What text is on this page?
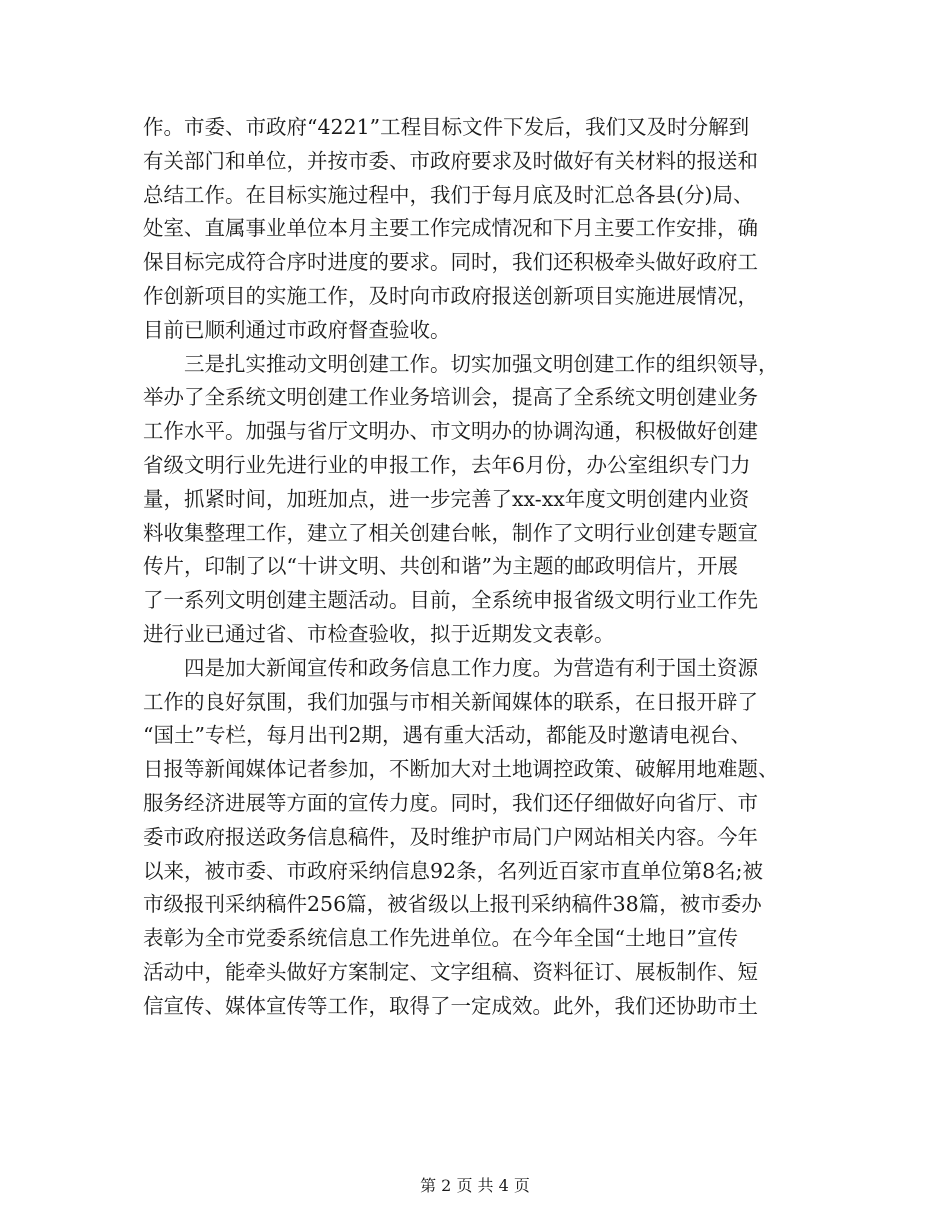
作。市委、市政府“4221”工程目标文件下发后，我们又及时分解到
有关部门和单位，并按市委、市政府要求及时做好有关材料的报送和
总结工作。在目标实施过程中，我们于每月底及时汇总各县(分)局、
处室、直属事业单位本月主要工作完成情况和下月主要工作安排，确
保目标完成符合序时进度的要求。同时，我们还积极牵头做好政府工
作创新项目的实施工作，及时向市政府报送创新项目实施进展情况，
目前已顺利通过市政府督查验收。
　　三是扎实推动文明创建工作。切实加强文明创建工作的组织领导，
举办了全系统文明创建工作业务培训会，提高了全系统文明创建业务
工作水平。加强与省厅文明办、市文明办的协调沟通，积极做好创建
省级文明行业先进行业的申报工作，去年6月份，办公室组织专门力
量，抓紧时间，加班加点，进一步完善了xx-xx年度文明创建内业资
料收集整理工作，建立了相关创建台帐，制作了文明行业创建专题宣
传片，印制了以“十讲文明、共创和谐”为主题的邮政明信片，开展
了一系列文明创建主题活动。目前，全系统申报省级文明行业工作先
进行业已通过省、市检查验收，拟于近期发文表彰。
　　四是加大新闻宣传和政务信息工作力度。为营造有利于国土资源
工作的良好氛围，我们加强与市相关新闻媒体的联系，在日报开辟了
“国土”专栏，每月出刊2期，遇有重大活动，都能及时邀请电视台、
日报等新闻媒体记者参加，不断加大对土地调控政策、破解用地难题、
服务经济进展等方面的宣传力度。同时，我们还仔细做好向省厅、市
委市政府报送政务信息稿件，及时维护市局门户网站相关内容。今年
以来，被市委、市政府采纳信息92条，名列近百家市直单位第8名;被
市级报刊采纳稿件256篇，被省级以上报刊采纳稿件38篇，被市委办
表彰为全市党委系统信息工作先进单位。在今年全国“土地日”宣传
活动中，能牵头做好方案制定、文字组稿、资料征订、展板制作、短
信宣传、媒体宣传等工作，取得了一定成效。此外，我们还协助市土
第 2 页 共 4 页
